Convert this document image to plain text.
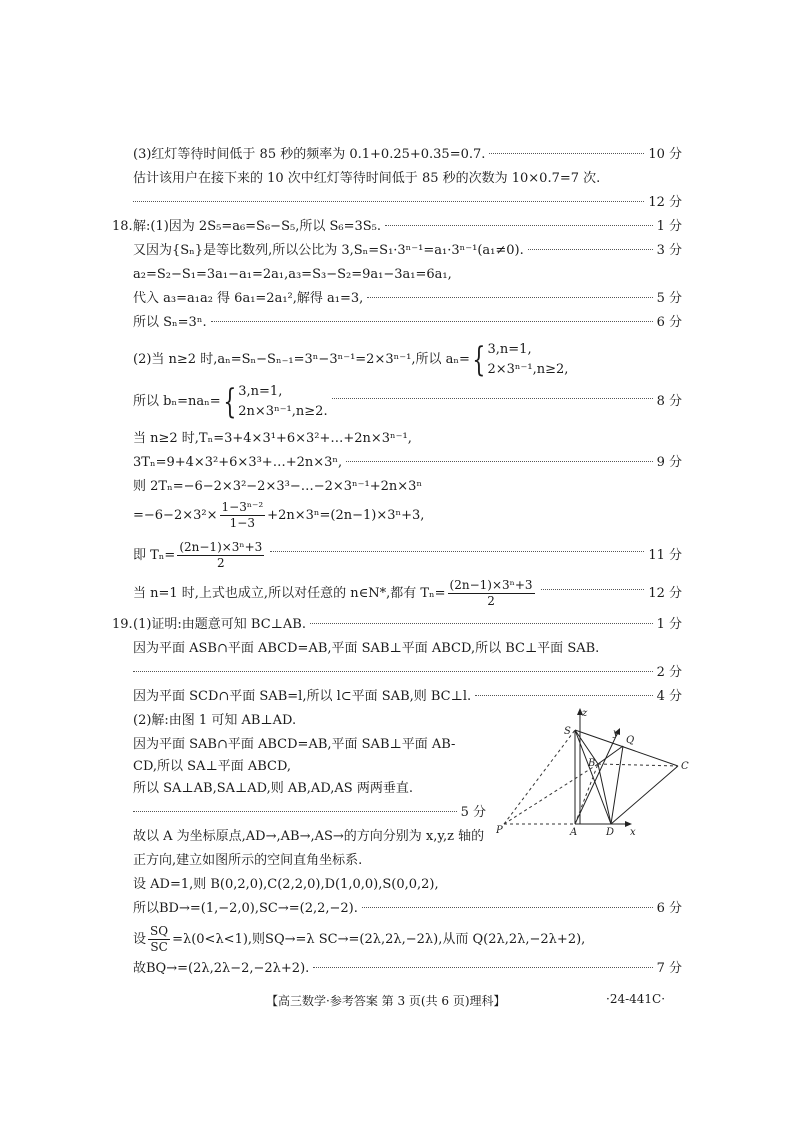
(3)红灯等待时间低于 85 秒的频率为 0.1+0.25+0.35=0.7.	10 分
估计该用户在接下来的 10 次中红灯等待时间低于 85 秒的次数为 10×0.7=7 次.
12 分
18. 解:(1)因为 2S₅=a₆=S₆−S₅,所以 S₆=3S₅.	1 分
又因为{Sₙ}是等比数列,所以公比为 3,Sₙ=S₁·3ⁿ⁻¹=a₁·3ⁿ⁻¹(a₁≠0).	3 分
a₂=S₂−S₁=3a₁−a₁=2a₁,a₃=S₃−S₂=9a₁−3a₁=6a₁,
代入 a₃=a₁a₂ 得 6a₁=2a₁²,解得 a₁=3,	5 分
所以 Sₙ=3ⁿ.	6 分
(2)当 n≥2 时,aₙ=Sₙ−Sₙ₋₁=3ⁿ−3ⁿ⁻¹=2×3ⁿ⁻¹,所以 aₙ= { 3,n=1,
2×3ⁿ⁻¹,n≥2,
所以 bₙ=naₙ= { 3,n=1,
2n×3ⁿ⁻¹,n≥2.
8 分
当 n≥2 时,Tₙ=3+4×3¹+6×3²+…+2n×3ⁿ⁻¹,
3Tₙ=9+4×3²+6×3³+…+2n×3ⁿ,	9 分
则 2Tₙ=−6−2×3²−2×3³−…−2×3ⁿ⁻¹+2n×3ⁿ
$=-6-2\times 3^2\times \frac{\text{1−3ⁿ⁻²}}{1-3} +2n\times 3^n=(2n-1)\times 3^n+3$,
即 $T_n= \frac{\text{(2n−1)×3ⁿ+3}}{2}$	11 分
当 n=1 时,上式也成立,所以对任意的 n∈N*,都有 $T_n= \frac{\text{(2n−1)×3ⁿ+3}}{2}$	12 分
19. (1)证明:由题意可知 BC⊥AB.	1 分
因为平面 ASB∩平面 ABCD=AB,平面 SAB⊥平面 ABCD,所以 BC⊥平面 SAB.
2 分
因为平面 SCD∩平面 SAB=l,所以 l⊂平面 SAB,则 BC⊥l.	4 分
(2)解:由图 1 可知 AB⊥AD.
因为平面 SAB∩平面 ABCD=AB,平面 SAB⊥平面 AB-
CD,所以 SA⊥平面 ABCD,
所以 SA⊥AB,SA⊥AD,则 AB,AD,AS 两两垂直.
5 分
故以 A 为坐标原点,AD→,AB→,AS→的方向分别为 x,y,z 轴的
正方向,建立如图所示的空间直角坐标系.
设 AD=1,则 B(0,2,0),C(2,2,0),D(1,0,0),S(0,0,2),
所以BD→=(1,−2,0),SC→=(2,2,−2).	6 分
设 $\frac{SQ}{SC} =\lambda(0<\lambda<1)$,则SQ→=λ SC→=(2λ,2λ,−2λ),从而 Q(2λ,2λ,−2λ+2),
故BQ→=(2λ,2λ−2,−2λ+2).	7 分
z
S	y
Q
B	C
P	A	D x
【高三数学·参考答案 第 3 页(共 6 页)理科】	·24-441C·
